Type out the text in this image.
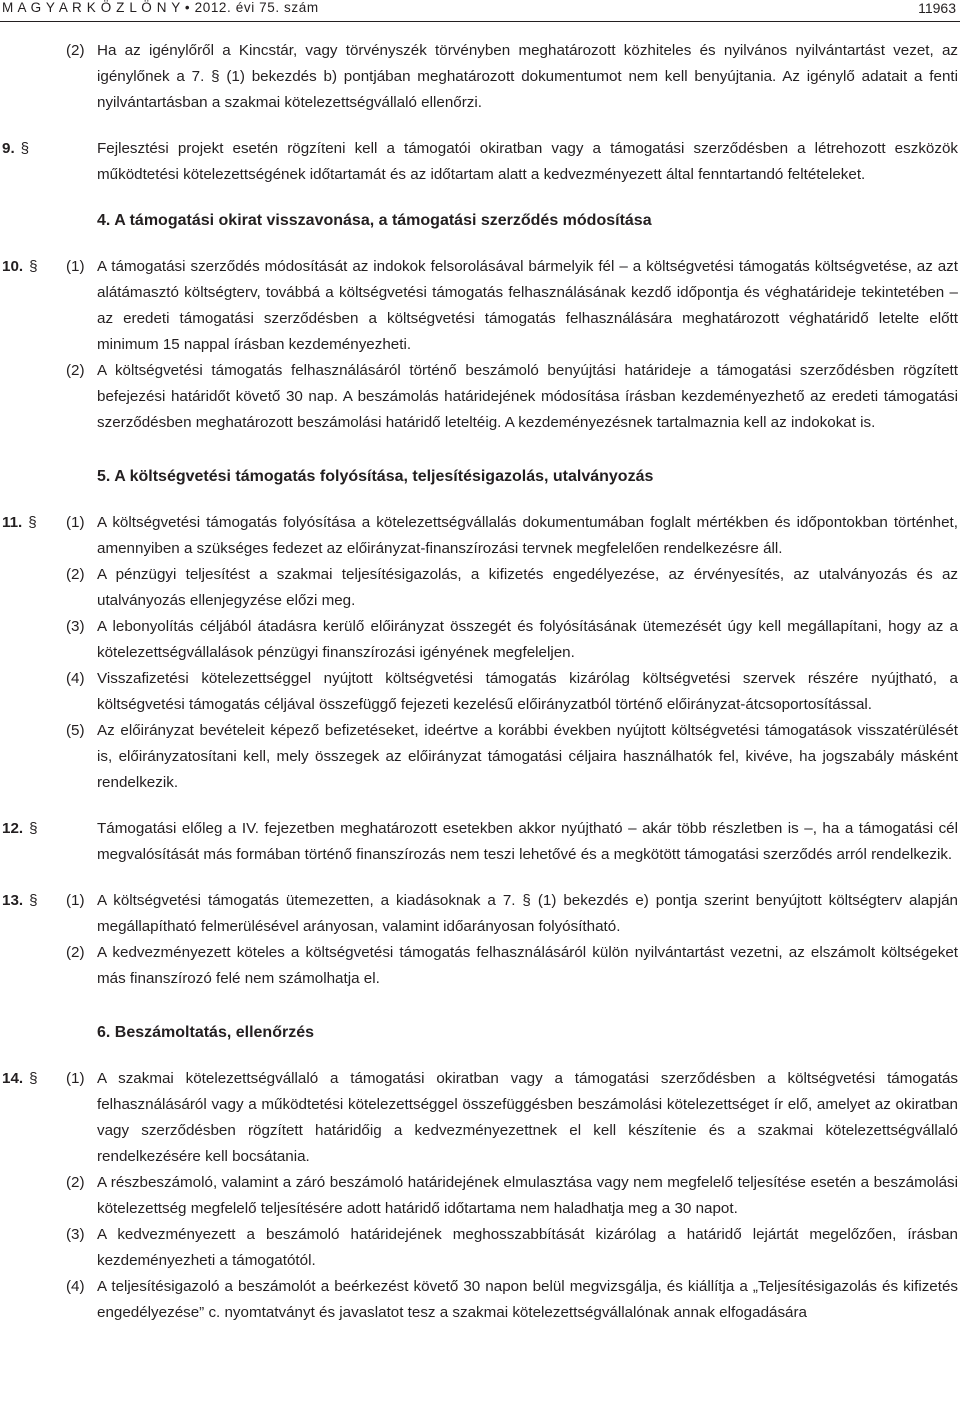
M A G Y A R K Ö Z L Ö N Y • 2012. évi 75. szám	11963
(2) Ha az igénylőről a Kincstár, vagy törvényszék törvényben meghatározott közhiteles és nyilvános nyilvántartást vezet, az igénylőnek a 7. § (1) bekezdés b) pontjában meghatározott dokumentumot nem kell benyújtania. Az igénylő adatait a fenti nyilvántartásban a szakmai kötelezettségvállaló ellenőrzi.
9. §	Fejlesztési projekt esetén rögzíteni kell a támogatói okiratban vagy a támogatási szerződésben a létrehozott eszközök működtetési kötelezettségének időtartamát és az időtartam alatt a kedvezményezett által fenntartandó feltételeket.
4. A támogatási okirat visszavonása, a támogatási szerződés módosítása
10. § (1) A támogatási szerződés módosítását az indokok felsorolásával bármelyik fél – a költségvetési támogatás költségvetése, az azt alátámasztó költségterv, továbbá a költségvetési támogatás felhasználásának kezdő időpontja és véghatárideje tekintetében – az eredeti támogatási szerződésben a költségvetési támogatás felhasználására meghatározott véghatáridő letelte előtt minimum 15 nappal írásban kezdeményezheti.
(2) A költségvetési támogatás felhasználásáról történő beszámoló benyújtási határideje a támogatási szerződésben rögzített befejezési határidőt követő 30 nap. A beszámolás határidejének módosítása írásban kezdeményezhető az eredeti támogatási szerződésben meghatározott beszámolási határidő leteltéig. A kezdeményezésnek tartalmaznia kell az indokokat is.
5. A költségvetési támogatás folyósítása, teljesítésigazolás, utalványozás
11. § (1) A költségvetési támogatás folyósítása a kötelezettségvállalás dokumentumában foglalt mértékben és időpontokban történhet, amennyiben a szükséges fedezet az előirányzat-finanszírozási tervnek megfelelően rendelkezésre áll.
(2) A pénzügyi teljesítést a szakmai teljesítésigazolás, a kifizetés engedélyezése, az érvényesítés, az utalványozás és az utalványozás ellenjegyzése előzi meg.
(3) A lebonyolítás céljából átadásra kerülő előirányzat összegét és folyósításának ütemezését úgy kell megállapítani, hogy az a kötelezettségvállalások pénzügyi finanszírozási igényének megfeleljen.
(4) Visszafizetési kötelezettséggel nyújtott költségvetési támogatás kizárólag költségvetési szervek részére nyújtható, a költségvetési támogatás céljával összefüggő fejezeti kezelésű előirányzatból történő előirányzat-átcsoportosítással.
(5) Az előirányzat bevételeit képező befizetéseket, ideértve a korábbi években nyújtott költségvetési támogatások visszatérülését is, előirányzatosítani kell, mely összegek az előirányzat támogatási céljaira használhatók fel, kivéve, ha jogszabály másként rendelkezik.
12. §	Támogatási előleg a IV. fejezetben meghatározott esetekben akkor nyújtható – akár több részletben is –, ha a támogatási cél megvalósítását más formában történő finanszírozás nem teszi lehetővé és a megkötött támogatási szerződés arról rendelkezik.
13. § (1) A költségvetési támogatás ütemezetten, a kiadásoknak a 7. § (1) bekezdés e) pontja szerint benyújtott költségterv alapján megállapítható felmerülésével arányosan, valamint időarányosan folyósítható.
(2) A kedvezményezett köteles a költségvetési támogatás felhasználásáról külön nyilvántartást vezetni, az elszámolt költségeket más finanszírozó felé nem számolhatja el.
6. Beszámoltatás, ellenőrzés
14. § (1) A szakmai kötelezettségvállaló a támogatási okiratban vagy a támogatási szerződésben a költségvetési támogatás felhasználásáról vagy a működtetési kötelezettséggel összefüggésben beszámolási kötelezettséget ír elő, amelyet az okiratban vagy szerződésben rögzített határidőig a kedvezményezettnek el kell készítenie és a szakmai kötelezettségvállaló rendelkezésére kell bocsátania.
(2) A részbeszámoló, valamint a záró beszámoló határidejének elmulasztása vagy nem megfelelő teljesítése esetén a beszámolási kötelezettség megfelelő teljesítésére adott határidő időtartama nem haladhatja meg a 30 napot.
(3) A kedvezményezett a beszámoló határidejének meghosszabbítását kizárólag a határidő lejártát megelőzően, írásban kezdeményezheti a támogatótól.
(4) A teljesítésigazoló a beszámolót a beérkezést követő 30 napon belül megvizsgálja, és kiállítja a „Teljesítésigazolás és kifizetés engedélyezése” c. nyomtatványt és javaslatot tesz a szakmai kötelezettségvállalónak annak elfogadására
